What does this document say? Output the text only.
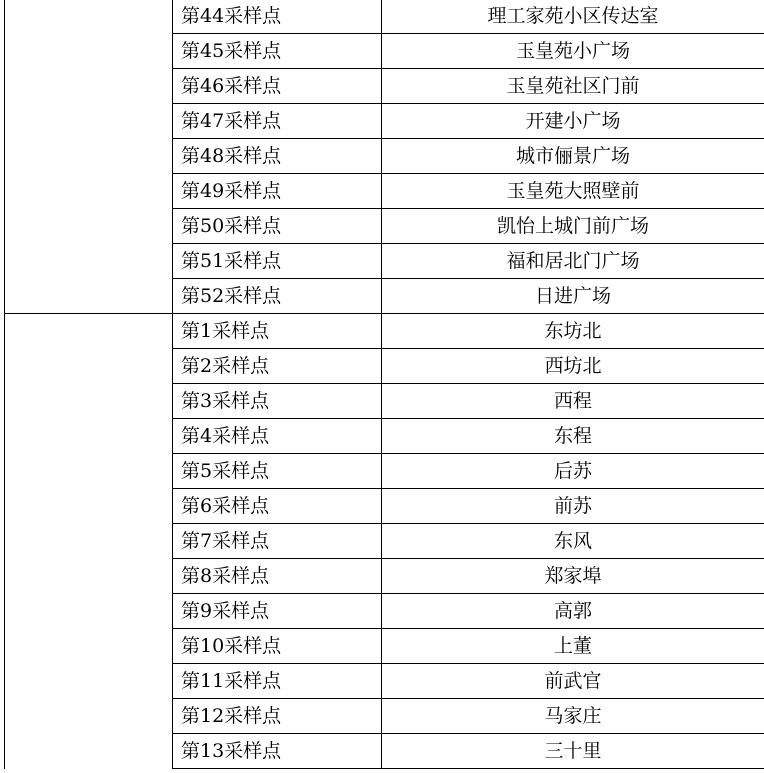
	第44采样点	理工家苑小区传达室
	第45采样点	玉皇苑小广场
	第46采样点	玉皇苑社区门前
	第47采样点	开建小广场
	第48采样点	城市俪景广场
	第49采样点	玉皇苑大照壁前
	第50采样点	凯怡上城门前广场
	第51采样点	福和居北门广场
	第52采样点	日进广场
	第1采样点	东坊北
	第2采样点	西坊北
	第3采样点	西程
	第4采样点	东程
	第5采样点	后苏
	第6采样点	前苏
	第7采样点	东风
	第8采样点	郑家埠
	第9采样点	高郭
	第10采样点	上董
	第11采样点	前武官
	第12采样点	马家庄
	第13采样点	三十里
